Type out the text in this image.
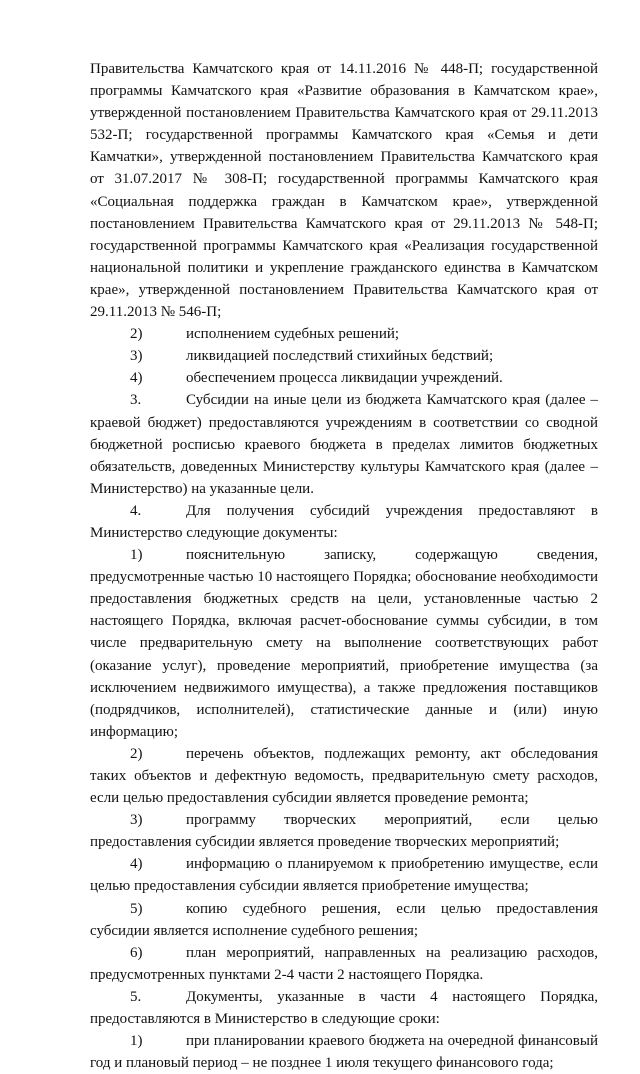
Правительства Камчатского края от 14.11.2016 № 448-П; государственной программы Камчатского края «Развитие образования в Камчатском крае», утвержденной постановлением Правительства Камчатского края от 29.11.2013 532-П; государственной программы Камчатского края «Семья и дети Камчатки», утвержденной постановлением Правительства Камчатского края от 31.07.2017 № 308-П; государственной программы Камчатского края «Социальная поддержка граждан в Камчатском крае», утвержденной постановлением Правительства Камчатского края от 29.11.2013 № 548-П; государственной программы Камчатского края «Реализация государственной национальной политики и укрепление гражданского единства в Камчатском крае», утвержденной постановлением Правительства Камчатского края от 29.11.2013 № 546-П;

2)	исполнением судебных решений;

3)	ликвидацией последствий стихийных бедствий;

4)	обеспечением процесса ликвидации учреждений.

3.	Субсидии на иные цели из бюджета Камчатского края (далее – краевой бюджет) предоставляются учреждениям в соответствии со сводной бюджетной росписью краевого бюджета в пределах лимитов бюджетных обязательств, доведенных Министерству культуры Камчатского края (далее – Министерство) на указанные цели.

4.	Для получения субсидий учреждения предоставляют в Министерство следующие документы:

1)	пояснительную записку, содержащую сведения, предусмотренные частью 10 настоящего Порядка; обоснование необходимости предоставления бюджетных средств на цели, установленные частью 2 настоящего Порядка, включая расчет-обоснование суммы субсидии, в том числе предварительную смету на выполнение соответствующих работ (оказание услуг), проведение мероприятий, приобретение имущества (за исключением недвижимого имущества), а также предложения поставщиков (подрядчиков, исполнителей), статистические данные и (или) иную информацию;

2)	перечень объектов, подлежащих ремонту, акт обследования таких объектов и дефектную ведомость, предварительную смету расходов, если целью предоставления субсидии является проведение ремонта;

3)	программу творческих мероприятий, если целью предоставления субсидии является проведение творческих мероприятий;

4)	информацию о планируемом к приобретению имуществе, если целью предоставления субсидии является приобретение имущества;

5)	копию судебного решения, если целью предоставления субсидии является исполнение судебного решения;

6)	план мероприятий, направленных на реализацию расходов, предусмотренных пунктами 2-4 части 2 настоящего Порядка.

5.	Документы, указанные в части 4 настоящего Порядка, предоставляются в Министерство в следующие сроки:

1)	при планировании краевого бюджета на очередной финансовый год и плановый период – не позднее 1 июля текущего финансового года;
